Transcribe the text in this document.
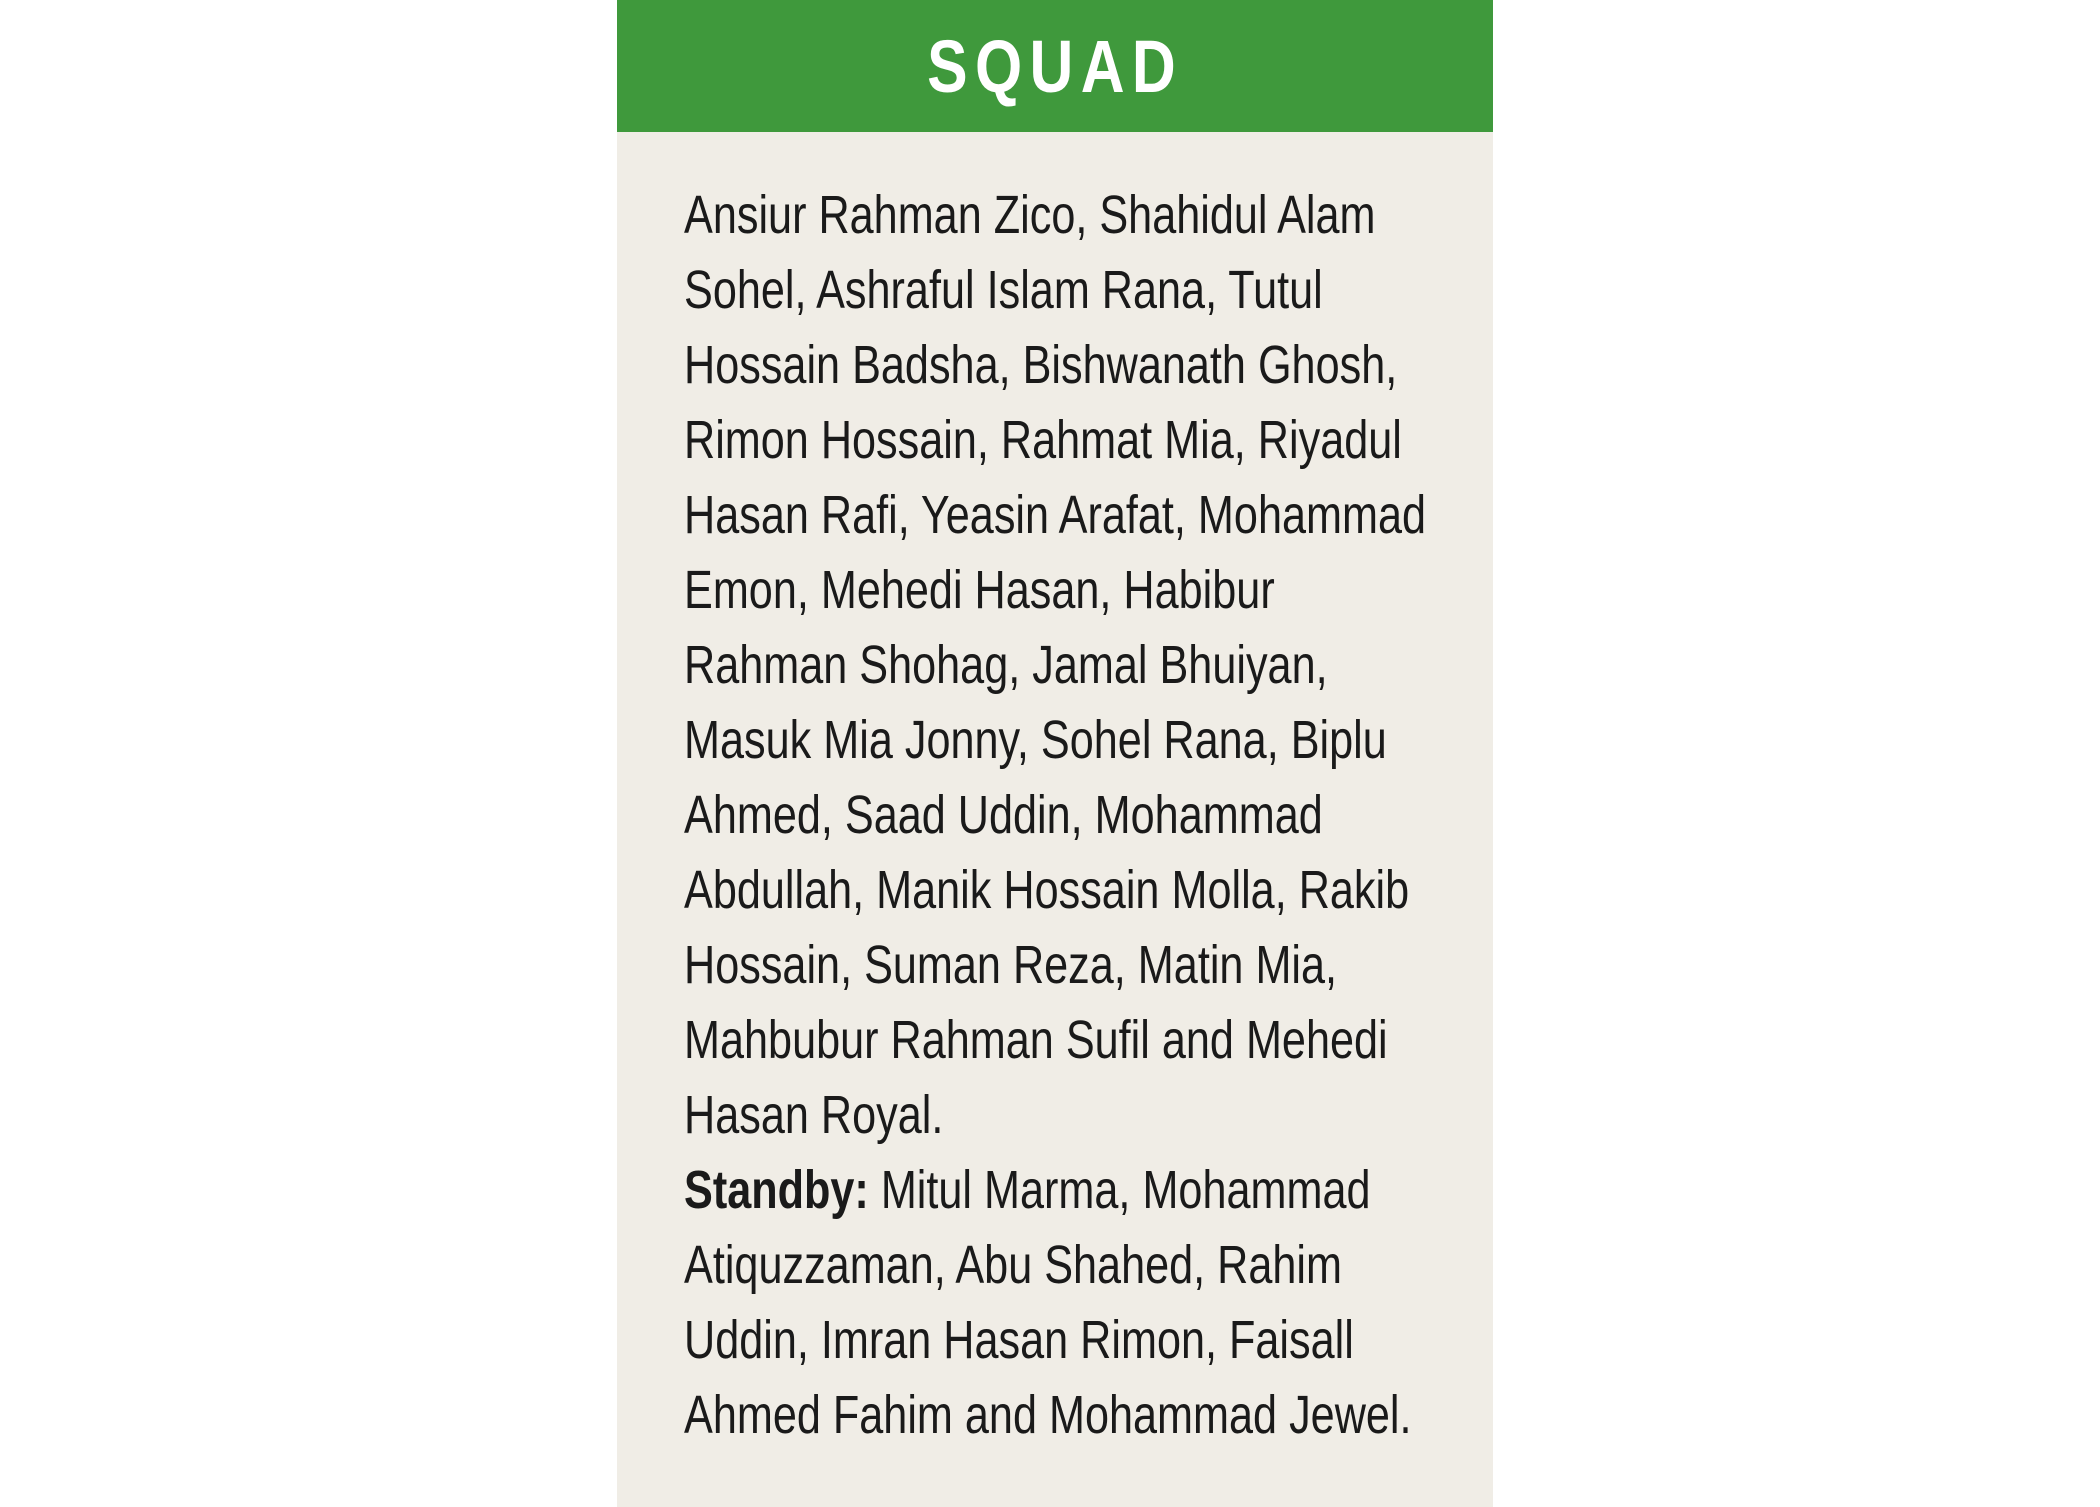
SQUAD
Ansiur Rahman Zico, Shahidul Alam
Sohel, Ashraful Islam Rana, Tutul
Hossain Badsha, Bishwanath Ghosh,
Rimon Hossain, Rahmat Mia, Riyadul
Hasan Rafi, Yeasin Arafat, Mohammad
Emon, Mehedi Hasan, Habibur
Rahman Shohag, Jamal Bhuiyan,
Masuk Mia Jonny, Sohel Rana, Biplu
Ahmed, Saad Uddin, Mohammad
Abdullah, Manik Hossain Molla, Rakib
Hossain, Suman Reza, Matin Mia,
Mahbubur Rahman Sufil and Mehedi
Hasan Royal.
Standby: Mitul Marma, Mohammad
Atiquzzaman, Abu Shahed, Rahim
Uddin, Imran Hasan Rimon, Faisall
Ahmed Fahim and Mohammad Jewel.
